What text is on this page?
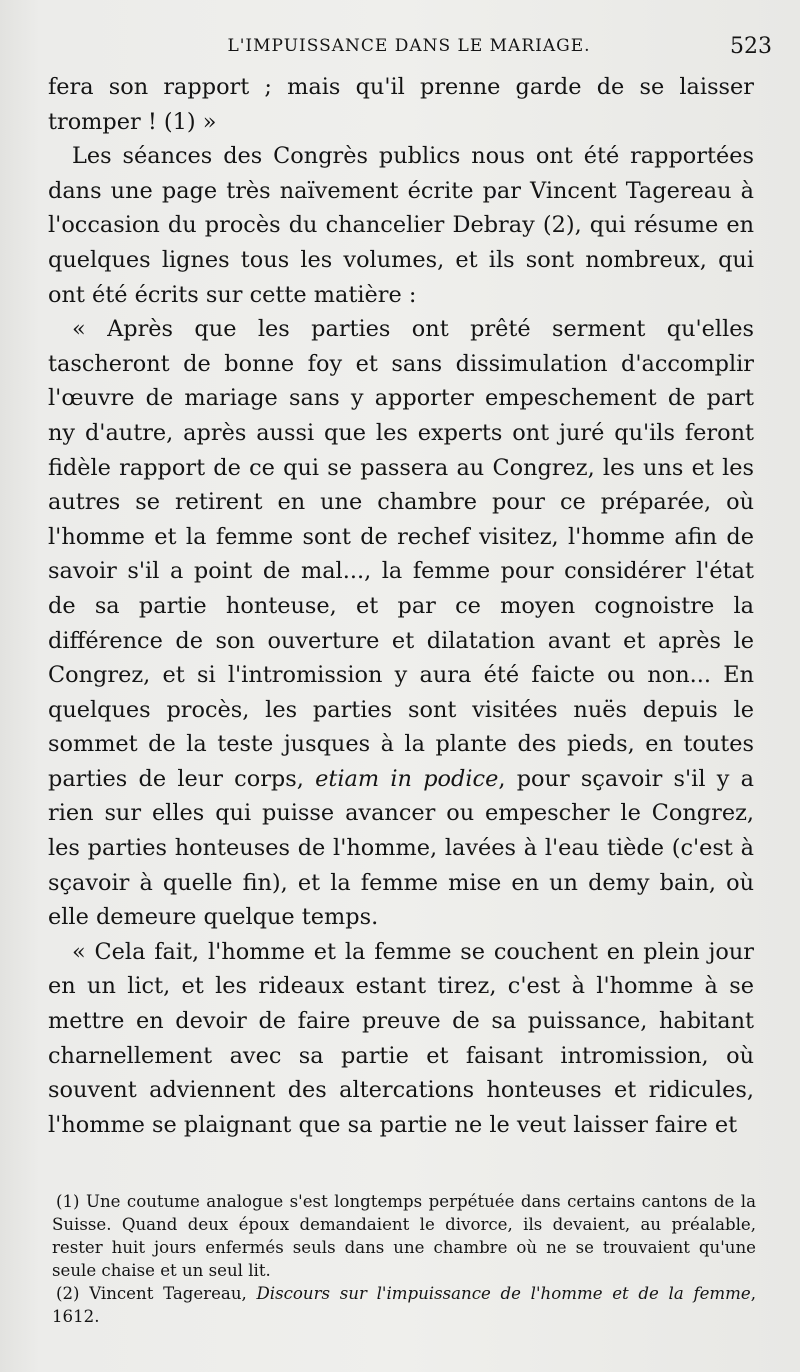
L'IMPUISSANCE DANS LE MARIAGE.	523

fera son rapport ; mais qu'il prenne garde de se laisser tromper ! (1) »

Les séances des Congrès publics nous ont été rapportées dans une page très naïvement écrite par Vincent Tagereau à l'occasion du procès du chancelier Debray (2), qui résume en quelques lignes tous les volumes, et ils sont nombreux, qui ont été écrits sur cette matière :

« Après que les parties ont prêté serment qu'elles tascheront de bonne foy et sans dissimulation d'accomplir l'œuvre de mariage sans y apporter empeschement de part ny d'autre, après aussi que les experts ont juré qu'ils feront fidèle rapport de ce qui se passera au Congrez, les uns et les autres se retirent en une chambre pour ce préparée, où l'homme et la femme sont de rechef visitez, l'homme afin de savoir s'il a point de mal..., la femme pour considérer l'état de sa partie honteuse, et par ce moyen cognoistre la différence de son ouverture et dilatation avant et après le Congrez, et si l'intromission y aura été faicte ou non... En quelques procès, les parties sont visitées nuës depuis le sommet de la teste jusques à la plante des pieds, en toutes parties de leur corps, etiam in podice, pour sçavoir s'il y a rien sur elles qui puisse avancer ou empescher le Congrez, les parties honteuses de l'homme, lavées à l'eau tiède (c'est à sçavoir à quelle fin), et la femme mise en un demy bain, où elle demeure quelque temps.

« Cela fait, l'homme et la femme se couchent en plein jour en un lict, et les rideaux estant tirez, c'est à l'homme à se mettre en devoir de faire preuve de sa puissance, habitant charnellement avec sa partie et faisant intromission, où souvent adviennent des altercations honteuses et ridicules, l'homme se plaignant que sa partie ne le veut laisser faire et

(1) Une coutume analogue s'est longtemps perpétuée dans certains cantons de la Suisse. Quand deux époux demandaient le divorce, ils devaient, au préalable, rester huit jours enfermés seuls dans une chambre où ne se trouvaient qu'une seule chaise et un seul lit.

(2) Vincent Tagereau, Discours sur l'impuissance de l'homme et de la femme, 1612.
